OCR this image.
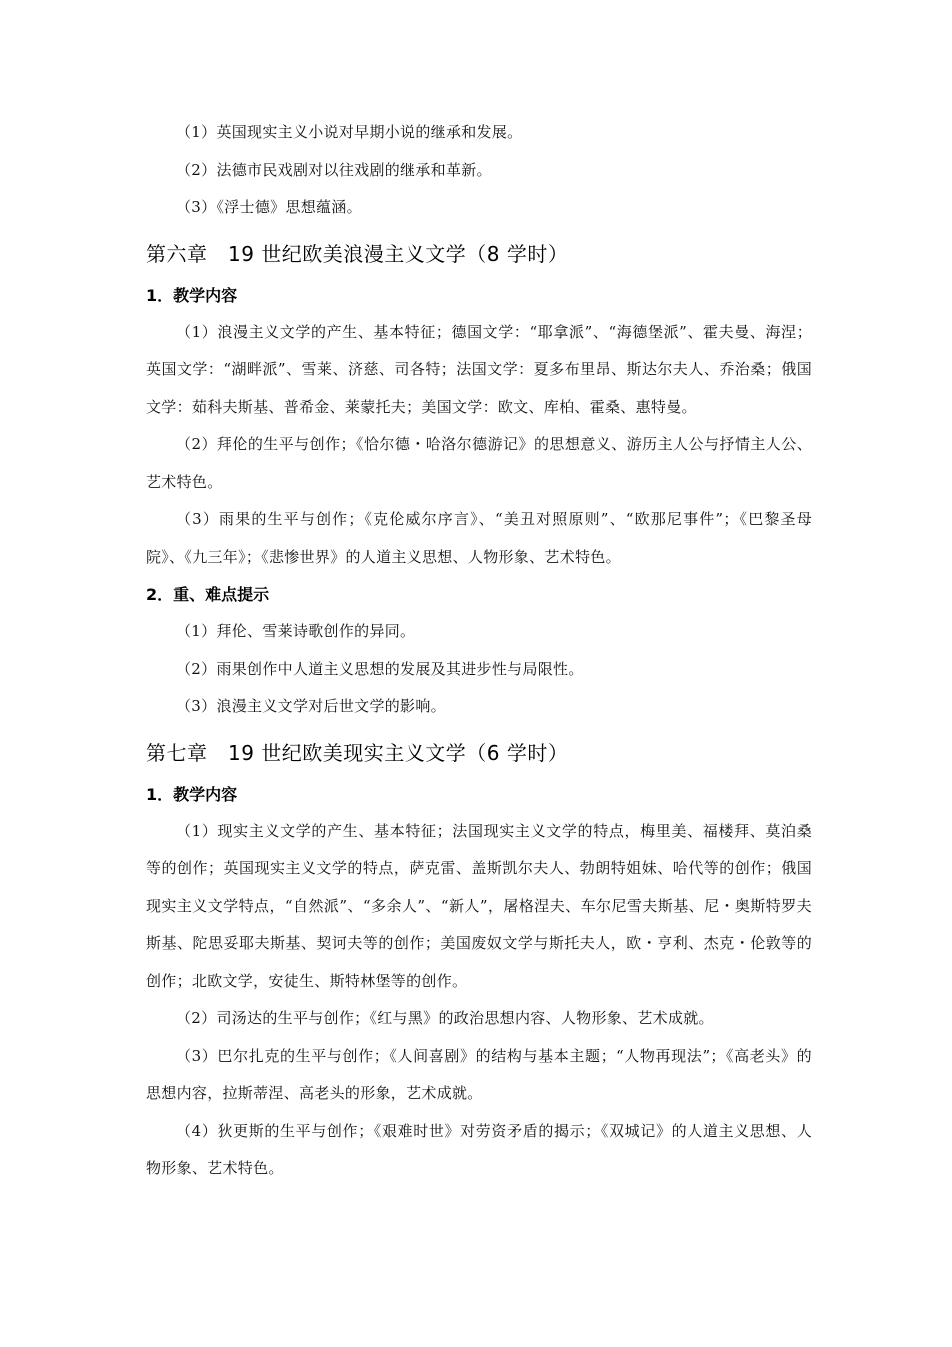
（1）英国现实主义小说对早期小说的继承和发展。

（2）法德市民戏剧对以往戏剧的继承和革新。

（3）《浮士德》思想蕴涵。

第六章　19 世纪欧美浪漫主义文学（8 学时）
1．教学内容

（1）浪漫主义文学的产生、基本特征；德国文学：“耶拿派”、“海德堡派”、霍夫曼、海涅；英国文学：“湖畔派”、雪莱、济慈、司各特；法国文学：夏多布里昂、斯达尔夫人、乔治桑；俄国文学：茹科夫斯基、普希金、莱蒙托夫；美国文学：欧文、库柏、霍桑、惠特曼。

（2）拜伦的生平与创作；《恰尔德・哈洛尔德游记》的思想意义、游历主人公与抒情主人公、艺术特色。

（3）雨果的生平与创作；《克伦威尔序言》、“美丑对照原则”、“欧那尼事件”；《巴黎圣母院》、《九三年》；《悲惨世界》的人道主义思想、人物形象、艺术特色。

2．重、难点提示

（1）拜伦、雪莱诗歌创作的异同。

（2）雨果创作中人道主义思想的发展及其进步性与局限性。

（3）浪漫主义文学对后世文学的影响。

第七章　19 世纪欧美现实主义文学（6 学时）
1．教学内容

（1）现实主义文学的产生、基本特征；法国现实主义文学的特点，梅里美、福楼拜、莫泊桑等的创作；英国现实主义文学的特点，萨克雷、盖斯凯尔夫人、勃朗特姐妹、哈代等的创作；俄国现实主义文学特点，“自然派”、“多余人”、“新人”，屠格涅夫、车尔尼雪夫斯基、尼・奥斯特罗夫斯基、陀思妥耶夫斯基、契诃夫等的创作；美国废奴文学与斯托夫人，欧・亨利、杰克・伦敦等的创作；北欧文学，安徒生、斯特林堡等的创作。

（2）司汤达的生平与创作；《红与黑》的政治思想内容、人物形象、艺术成就。

（3）巴尔扎克的生平与创作；《人间喜剧》的结构与基本主题；“人物再现法”；《高老头》的思想内容，拉斯蒂涅、高老头的形象，艺术成就。

（4）狄更斯的生平与创作；《艰难时世》对劳资矛盾的揭示；《双城记》的人道主义思想、人物形象、艺术特色。
